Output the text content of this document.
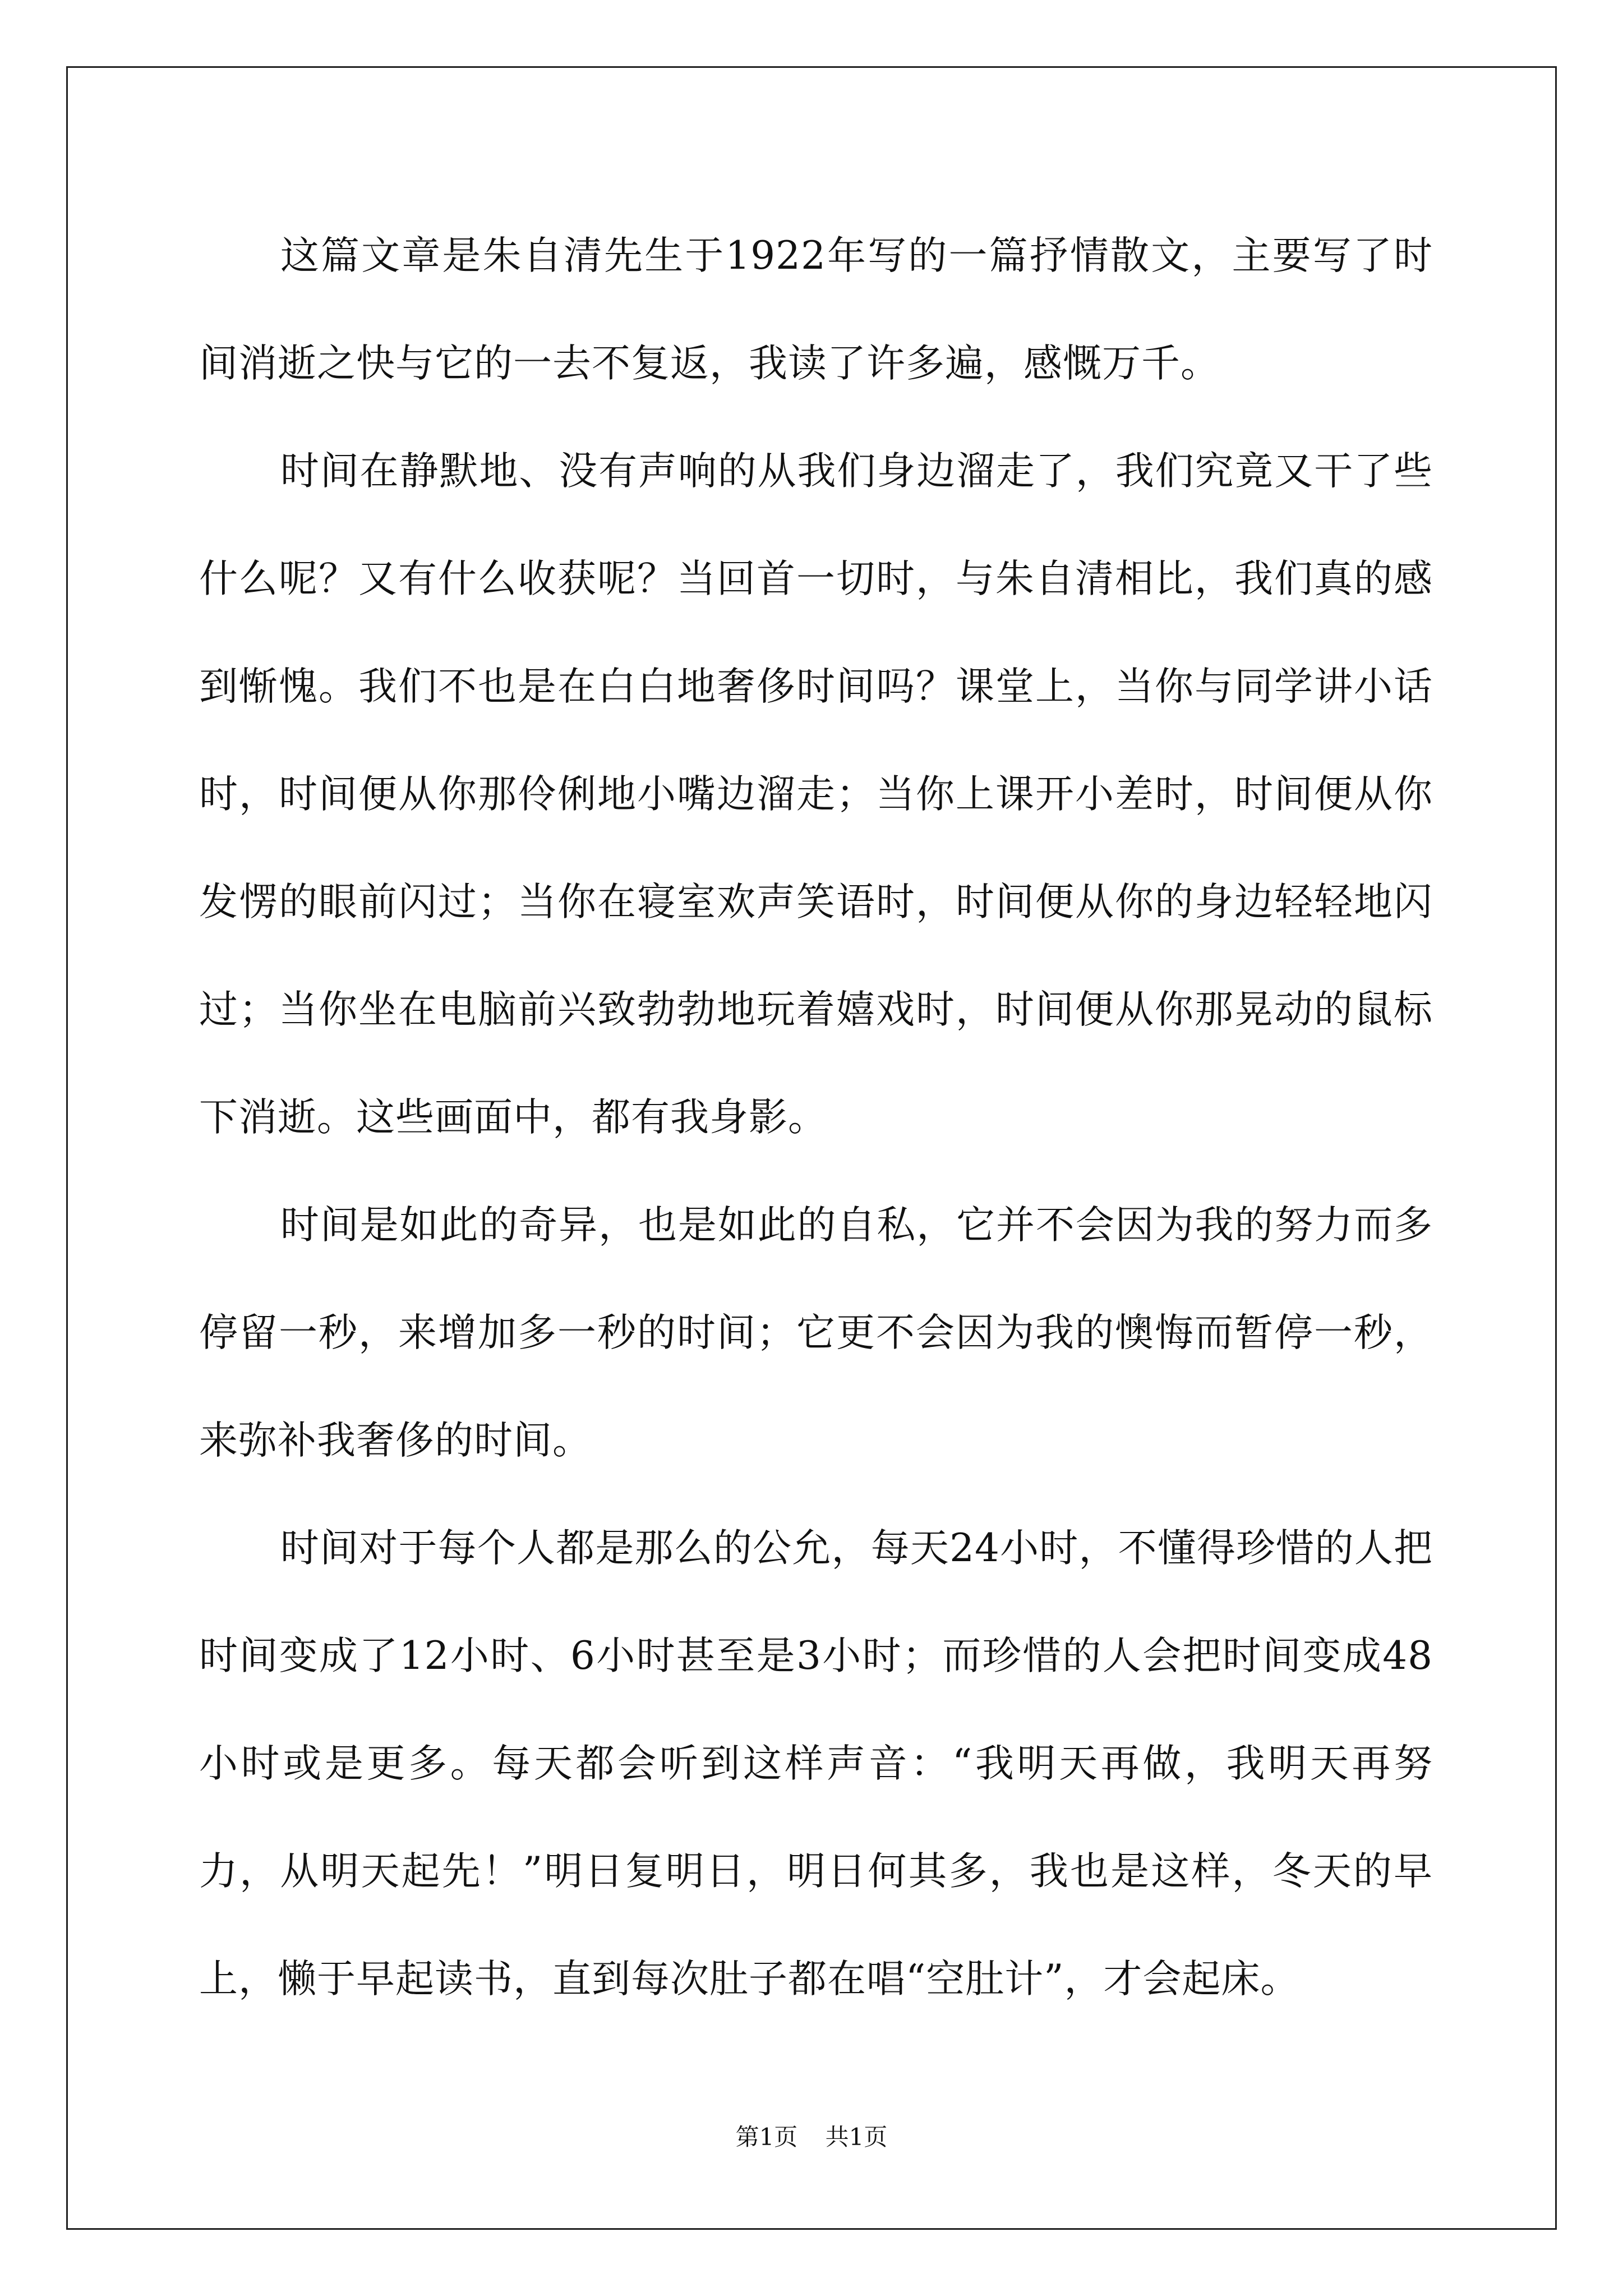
这篇文章是朱自清先生于1922年写的一篇抒情散文，主要写了时间消逝之快与它的一去不复返，我读了许多遍，感慨万千。

时间在静默地、没有声响的从我们身边溜走了，我们究竟又干了些什么呢？又有什么收获呢？当回首一切时，与朱自清相比，我们真的感到惭愧。我们不也是在白白地奢侈时间吗？课堂上，当你与同学讲小话时，时间便从你那伶俐地小嘴边溜走；当你上课开小差时，时间便从你发愣的眼前闪过；当你在寝室欢声笑语时，时间便从你的身边轻轻地闪过；当你坐在电脑前兴致勃勃地玩着嬉戏时，时间便从你那晃动的鼠标下消逝。这些画面中，都有我身影。

时间是如此的奇异，也是如此的自私，它并不会因为我的努力而多停留一秒，来增加多一秒的时间；它更不会因为我的懊悔而暂停一秒，来弥补我奢侈的时间。

时间对于每个人都是那么的公允，每天24小时，不懂得珍惜的人把时间变成了12小时、6小时甚至是3小时；而珍惜的人会把时间变成48小时或是更多。每天都会听到这样声音：“我明天再做，我明天再努力，从明天起先！”明日复明日，明日何其多，我也是这样，冬天的早上，懒于早起读书，直到每次肚子都在唱“空肚计”，才会起床。

第1页 共1页
